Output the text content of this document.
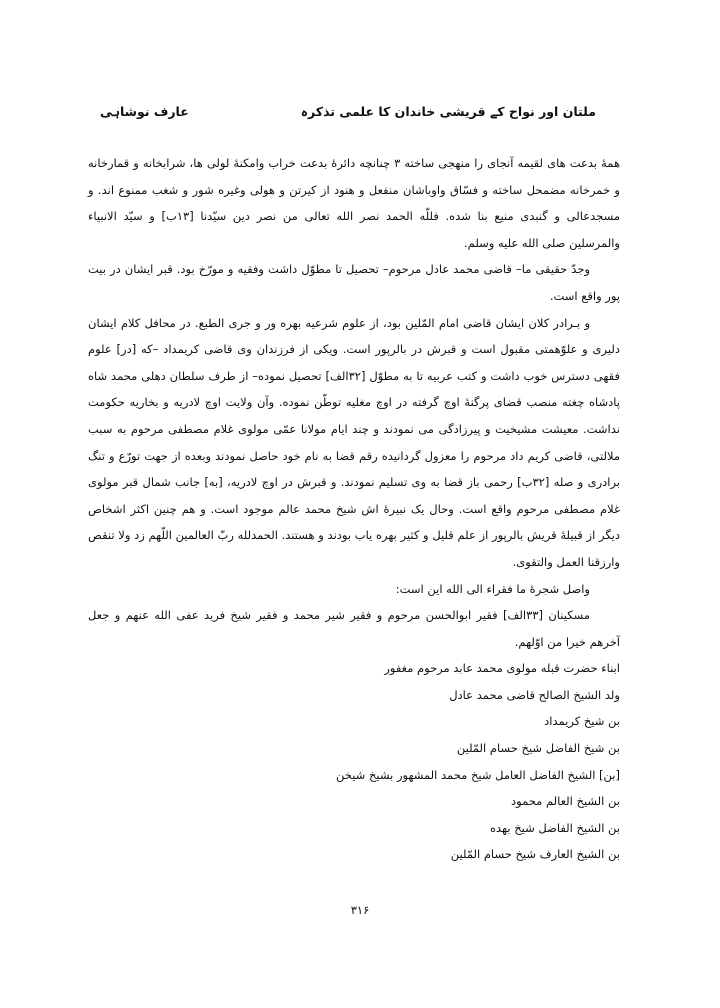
ملتان اور نواح کے قریشی خاندان کا علمی تذکرہ
عارف نوشاہی

همهٔ بدعت های لقیمه آنجای را منهجی ساخته ۳ چنانچه دائرهٔ بدعت خراب وامکنهٔ لولی ها، شرابخانه و قمارخانه و خمرخانه مضمحل ساخته و فسّاق واوباشان منفعل و هنود از کیرتن و هولی وغیره شور و شغب ممنوع اند. و مسجدعالی و گنبدی منیع بنا شده. فللّه الحمد نصر الله تعالی من نصر دین سیّدنا [۱۳ب] و سیّد الانبیاء والمرسلین صلی الله علیه وسلم.

وجدّ حقیقی ما– قاضی محمد عادل مرحوم– تحصیل تا مطوّل داشت وفقیه و مورّخ بود. قبر ایشان در بیت پور واقع است.

و بـرادر کلان ایشان قاضی امام المّلین بود، از علوم شرعیه بهره ور و جری الطبع. در محافل کلام ایشان دلیری و علوّهمتی مقبول است و قبرش در بالرپور است. ویکی از فرزندان وی قاضی کریمداد –که [در] علوم فقهی دسترس خوب داشت و کتب عربیه تا به مطوّل [۳۲الف] تحصیل نموده– از طرف سلطان دهلی محمد شاه پادشاه چغته منصب قضای پرگنهٔ اوچ گرفته در اوچ مغلیه توطّن نموده. وآن ولایت اوچ لادریه و بخاریه حکومت نداشت. معیشت مشیخیت و پیرزادگی می نمودند و چند ایام مولانا عمّی مولوی غلام مصطفی مرحوم به سبب ملالتی، قاضی کریم داد مرحوم را معزول گردانیده رقم قضا به نام خود حاصل نمودند وبعده از جهت تورّع و تنگ برادری و صله [۳۲ب] رحمی باز قضا به وی تسلیم نمودند. و قبرش در اوچ لادریه، [به] جانب شمال قبر مولوی غلام مصطفی مرحوم واقع است. وحال یک نبیرهٔ اش شیخ محمد عالم موجود است. و هم چنین اکثر اشخاص دیگر از قبیلهٔ قریش بالرپور از علم قلیل و کثیر بهره یاب بودند و هستند. الحمدلله ربّ العالمین اللّهم زد ولا تنقص وارزقنا العمل والتقوی.

واصل شجرهٔ ما فقراء الی الله این است:

مسکینان [۳۳الف] فقیر ابوالحسن مرحوم و فقیر شیر محمد و فقیر شیخ فرید عفی الله عنهم و جعل آخرهم خیرا من اوّلهم.

ابناء حضرت قبله مولوی محمد عابد مرحوم مغفور

ولد الشیخ الصالح قاضی محمد عادل

بن شیخ کریمداد

بن شیخ الفاضل شیخ حسام المّلین

[بن] الشیخ الفاضل العامل شیخ محمد المشهور بشیخ شیخن

بن الشیخ العالم محمود

بن الشیخ الفاضل شیخ بهده

بن الشیخ العارف شیخ حسام المّلین

۳۱۶
